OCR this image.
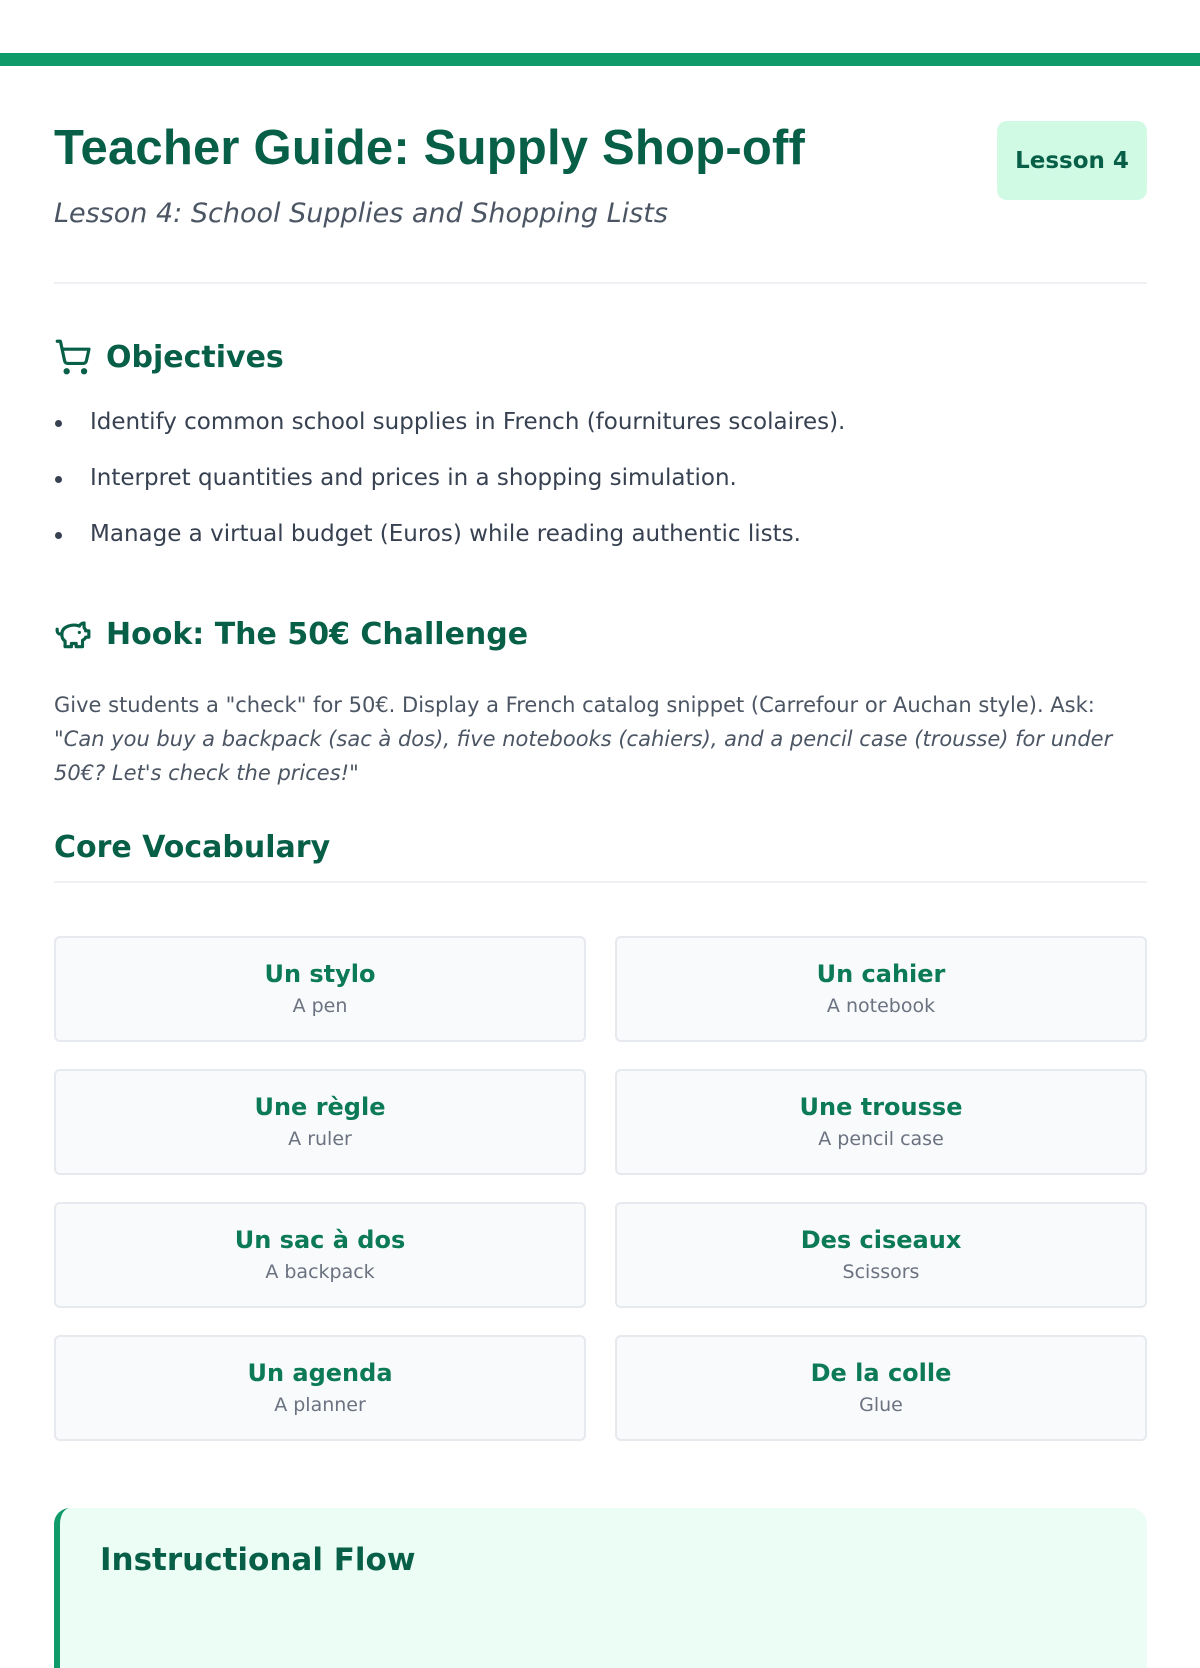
Teacher Guide: Supply Shop-off

Lesson 4: School Supplies and Shopping Lists

Lesson 4
Objectives
Identify common school supplies in French (fournitures scolaires).
Interpret quantities and prices in a shopping simulation.
Manage a virtual budget (Euros) while reading authentic lists.
Hook: The 50€ Challenge

Give students a "check" for 50€. Display a French catalog snippet (Carrefour or Auchan style). Ask: "Can you buy a backpack (sac à dos), five notebooks (cahiers), and a pencil case (trousse) for under 50€? Let's check the prices!"

Core Vocabulary
Un stylo
A pen
Un cahier
A notebook
Une règle
A ruler
Une trousse
A pencil case
Un sac à dos
A backpack
Des ciseaux
Scissors
Un agenda
A planner
De la colle
Glue
Instructional Flow
